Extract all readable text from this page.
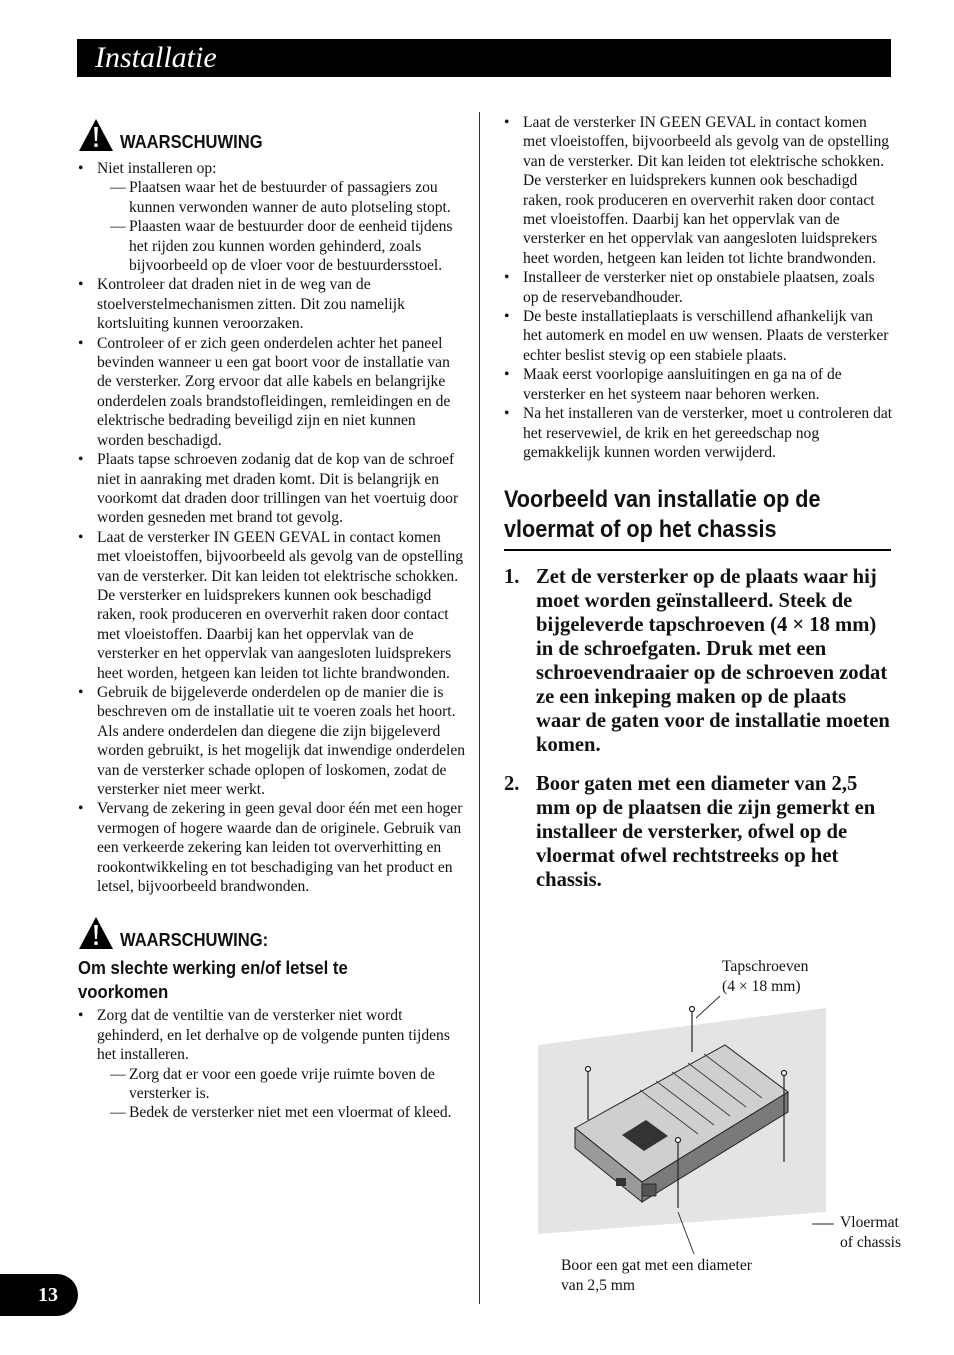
Installatie
WAARSCHUWING
• Niet installeren op:
— Plaatsen waar het de bestuurder of passagiers zou kunnen verwonden wanner de auto plotseling stopt.
— Plaasten waar de bestuurder door de eenheid tijdens het rijden zou kunnen worden gehinderd, zoals bijvoorbeeld op de vloer voor de bestuurdersstoel.
• Kontroleer dat draden niet in de weg van de stoelverstelmechanismen zitten. Dit zou namelijk kortsluiting kunnen veroorzaken.
• Controleer of er zich geen onderdelen achter het paneel bevinden wanneer u een gat boort voor de installatie van de versterker. Zorg ervoor dat alle kabels en belangrijke onderdelen zoals brandstofleidingen, remleidingen en de elektrische bedrading beveiligd zijn en niet kunnen worden beschadigd.
• Plaats tapse schroeven zodanig dat de kop van de schroef niet in aanraking met draden komt. Dit is belangrijk en voorkomt dat draden door trillingen van het voertuig door worden gesneden met brand tot gevolg.
• Laat de versterker IN GEEN GEVAL in contact komen met vloeistoffen, bijvoorbeeld als gevolg van de opstelling van de versterker. Dit kan leiden tot elektrische schokken. De versterker en luidsprekers kunnen ook beschadigd raken, rook produceren en oververhit raken door contact met vloeistoffen. Daarbij kan het oppervlak van de versterker en het oppervlak van aangesloten luidsprekers heet worden, hetgeen kan leiden tot lichte brandwonden.
• Gebruik de bijgeleverde onderdelen op de manier die is beschreven om de installatie uit te voeren zoals het hoort. Als andere onderdelen dan diegene die zijn bijgeleverd worden gebruikt, is het mogelijk dat inwendige onderdelen van de versterker schade oplopen of loskomen, zodat de versterker niet meer werkt.
• Vervang de zekering in geen geval door één met een hoger vermogen of hogere waarde dan de originele. Gebruik van een verkeerde zekering kan leiden tot oververhitting en rookontwikkeling en tot beschadiging van het product en letsel, bijvoorbeeld brandwonden.
WAARSCHUWING:
Om slechte werking en/of letsel te voorkomen
• Zorg dat de ventiltie van de versterker niet wordt gehinderd, en let derhalve op de volgende punten tijdens het installeren.
— Zorg dat er voor een goede vrije ruimte boven de versterker is.
— Bedek de versterker niet met een vloermat of kleed.
• Laat de versterker IN GEEN GEVAL in contact komen met vloeistoffen, bijvoorbeeld als gevolg van de opstelling van de versterker. Dit kan leiden tot elektrische schokken. De versterker en luidsprekers kunnen ook beschadigd raken, rook produceren en oververhit raken door contact met vloeistoffen. Daarbij kan het oppervlak van de versterker en het oppervlak van aangesloten luidsprekers heet worden, hetgeen kan leiden tot lichte brandwonden.
• Installeer de versterker niet op onstabiele plaatsen, zoals op de reservebandhouder.
• De beste installatieplaats is verschillend afhankelijk van het automerk en model en uw wensen. Plaats de versterker echter beslist stevig op een stabiele plaats.
• Maak eerst voorlopige aansluitingen en ga na of de versterker en het systeem naar behoren werken.
• Na het installeren van de versterker, moet u controleren dat het reservewiel, de krik en het gereedschap nog gemakkelijk kunnen worden verwijderd.
Voorbeeld van installatie op de vloermat of op het chassis
1. Zet de versterker op de plaats waar hij moet worden geïnstalleerd. Steek de bijgeleverde tapschroeven (4 × 18 mm) in de schroefgaten. Druk met een schroevendraaier op de schroeven zodat ze een inkeping maken op de plaats waar de gaten voor de installatie moeten komen.
2. Boor gaten met een diameter van 2,5 mm op de plaatsen die zijn gemerkt en installeer de versterker, ofwel op de vloermat ofwel rechtstreeks op het chassis.
Tapschroeven
(4 × 18 mm)
Vloermat
of chassis
Boor een gat met een diameter
van 2,5 mm
13
